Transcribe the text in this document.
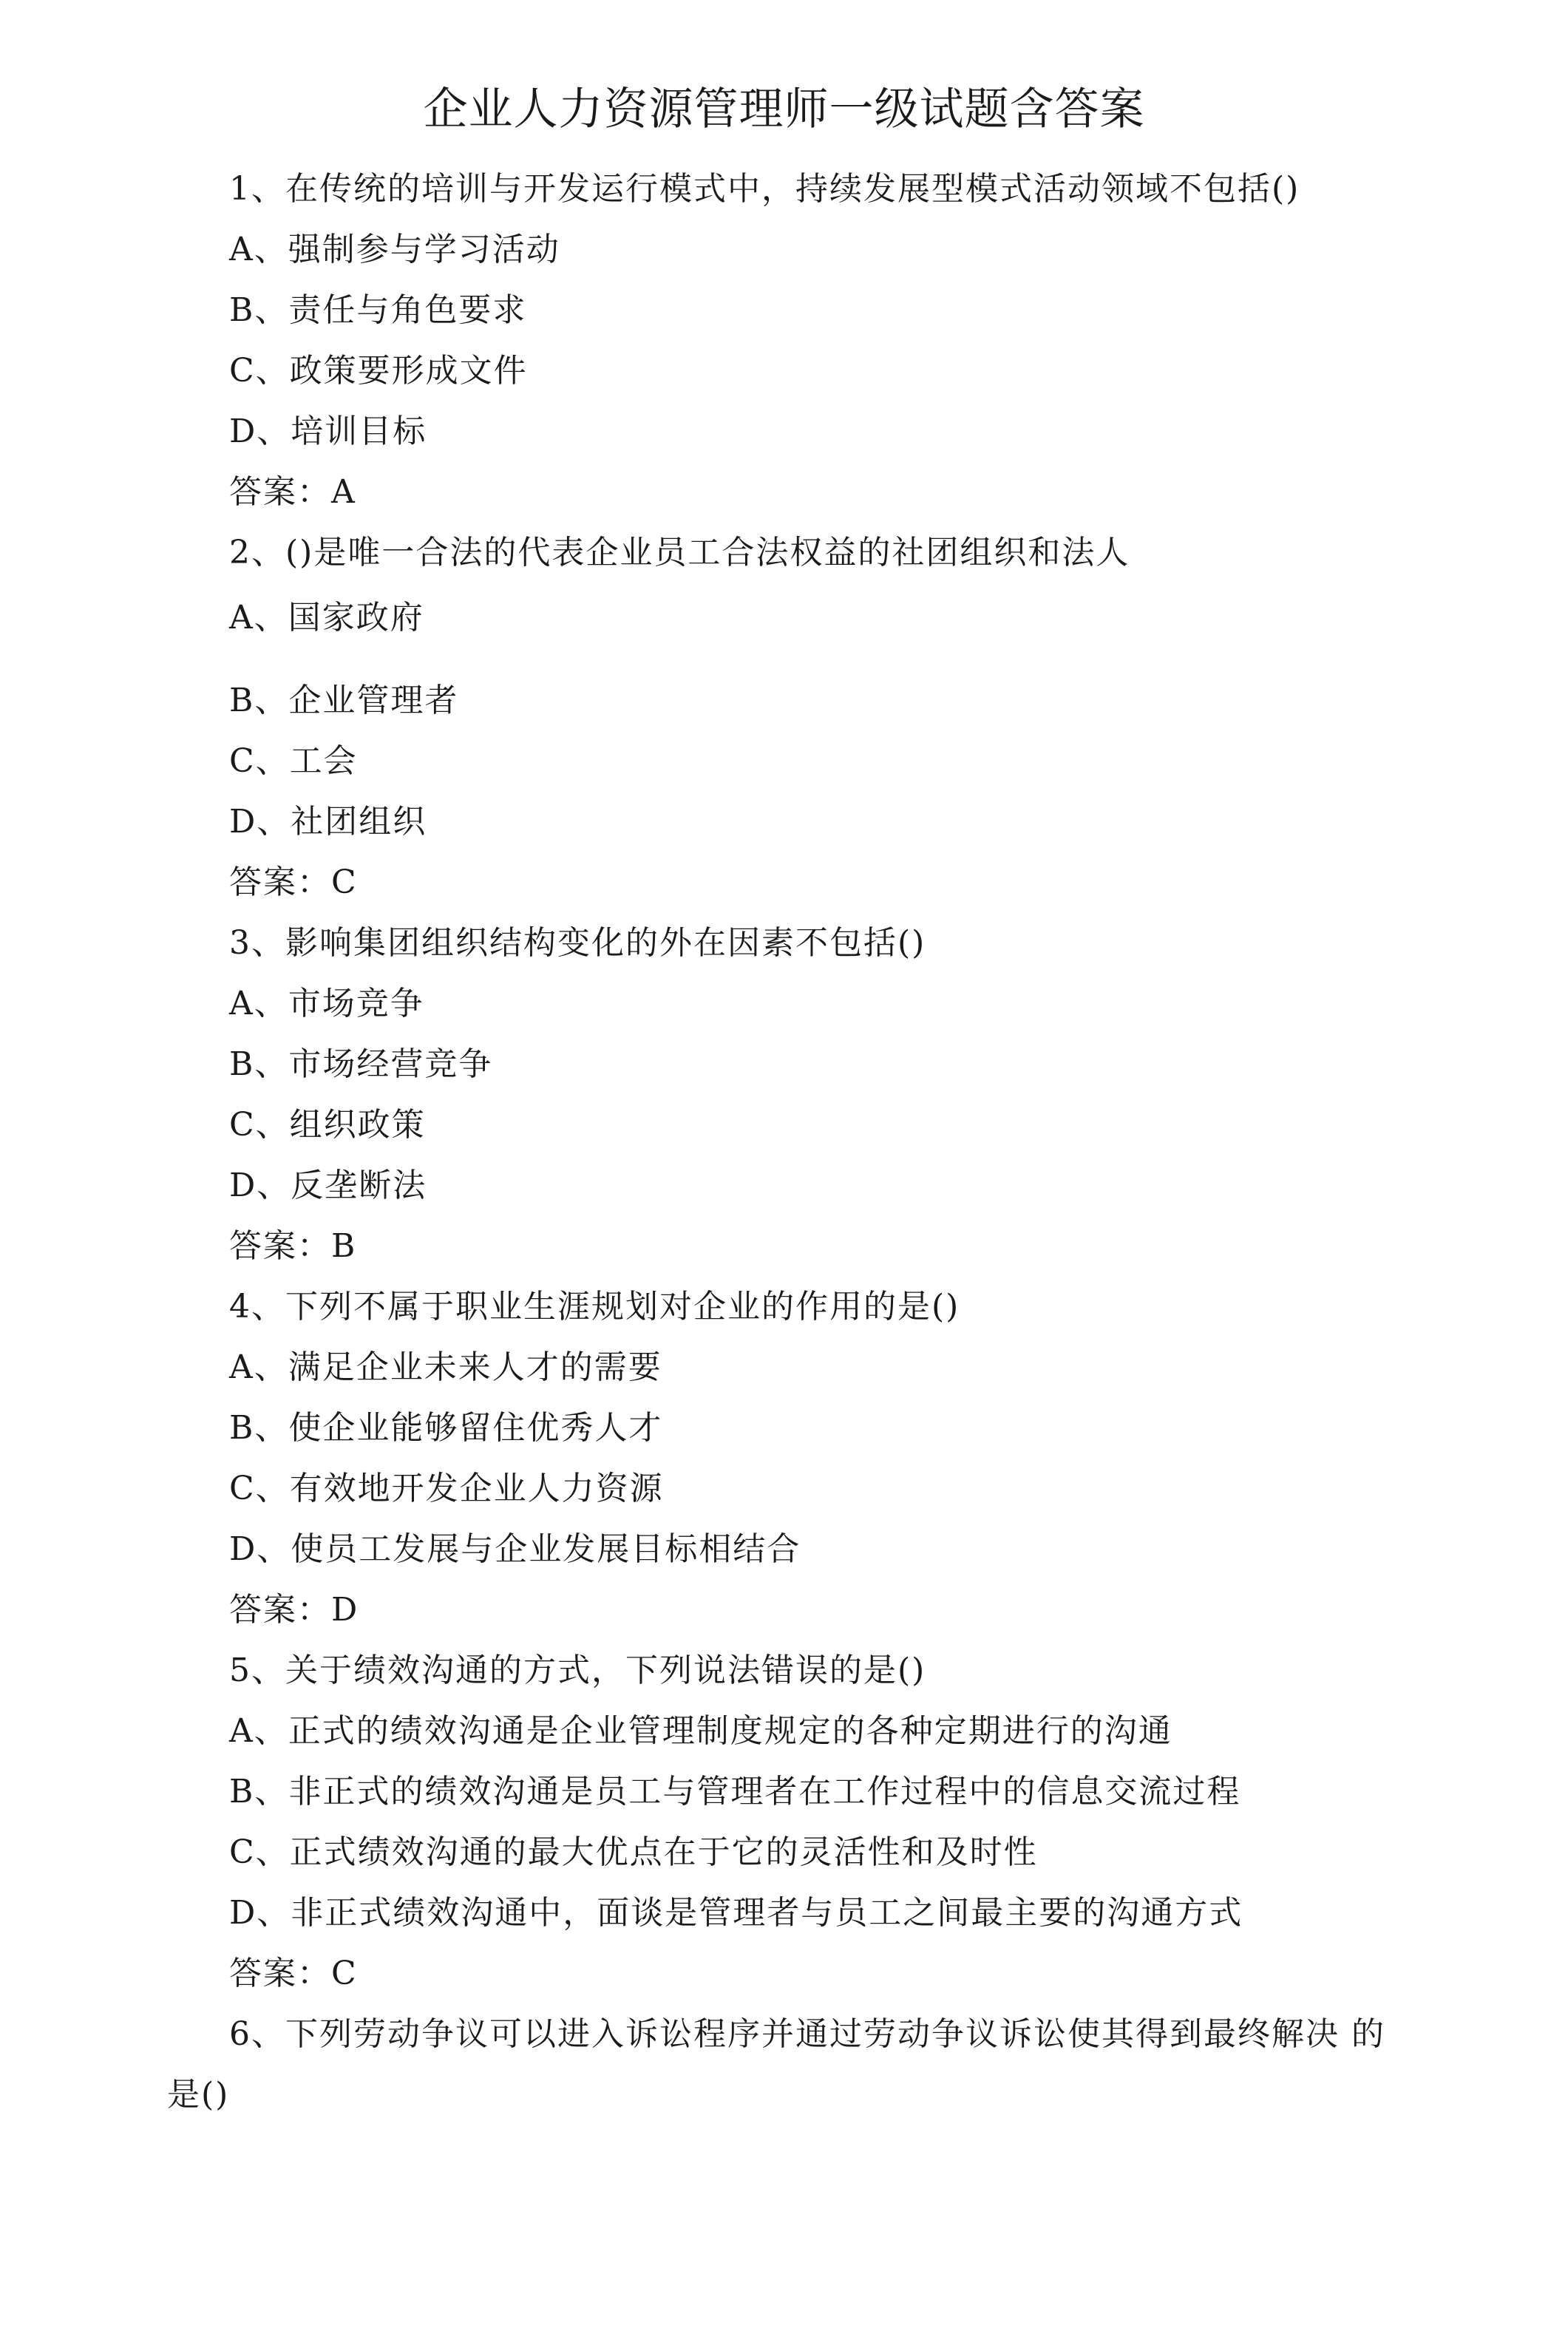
企业人力资源管理师一级试题含答案
1、在传统的培训与开发运行模式中，持续发展型模式活动领域不包括()
A、强制参与学习活动
B、责任与角色要求
C、政策要形成文件
D、培训目标
答案：A
2、()是唯一合法的代表企业员工合法权益的社团组织和法人
A、国家政府
B、企业管理者
C、工会
D、社团组织
答案：C
3、影响集团组织结构变化的外在因素不包括()
A、市场竞争
B、市场经营竞争
C、组织政策
D、反垄断法
答案：B
4、下列不属于职业生涯规划对企业的作用的是()
A、满足企业未来人才的需要
B、使企业能够留住优秀人才
C、有效地开发企业人力资源
D、使员工发展与企业发展目标相结合
答案：D
5、关于绩效沟通的方式，下列说法错误的是()
A、正式的绩效沟通是企业管理制度规定的各种定期进行的沟通
B、非正式的绩效沟通是员工与管理者在工作过程中的信息交流过程
C、正式绩效沟通的最大优点在于它的灵活性和及时性
D、非正式绩效沟通中，面谈是管理者与员工之间最主要的沟通方式
答案：C
6、下列劳动争议可以进入诉讼程序并通过劳动争议诉讼使其得到最终解决 的
是()
